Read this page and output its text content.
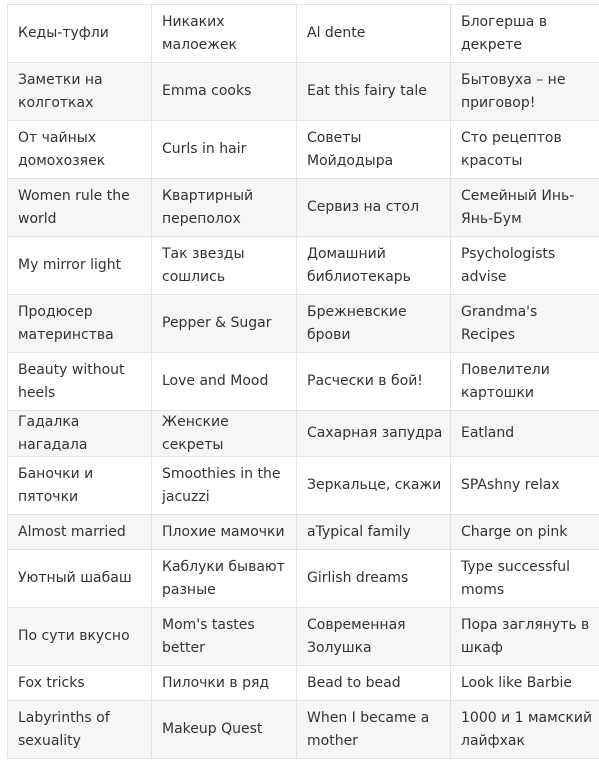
Кеды-туфли	Никаких малоежек	Al dente	Блогерша в декрете
Заметки на колготках	Emma cooks	Eat this fairy tale	Бытовуха – не приговор!
От чайных домохозяек	Curls in hair	Советы Мойдодыра	Сто рецептов красоты
Women rule the world	Квартирный переполох	Сервиз на стол	Семейный Инь-Янь-Бум
My mirror light	Так звезды сошлись	Домашний библиотекарь	Psychologists advise
Продюсер материнства	Pepper & Sugar	Брежневские брови	Grandma's Recipes
Beauty without heels	Love and Mood	Расчески в бой!	Повелители картошки
Гадалка нагадала	Женские секреты	Сахарная запудра	Eatland
Баночки и пяточки	Smoothies in the jacuzzi	Зеркальце, скажи	SPAshny relax
Almost married	Плохие мамочки	aTypical family	Charge on pink
Уютный шабаш	Каблуки бывают разные	Girlish dreams	Type successful moms
По сути вкусно	Mom's tastes better	Современная Золушка	Пора заглянуть в шкаф
Fox tricks	Пилочки в ряд	Bead to bead	Look like Barbie
Labyrinths of sexuality	Makeup Quest	When I became a mother	1000 и 1 мамский лайфхак
